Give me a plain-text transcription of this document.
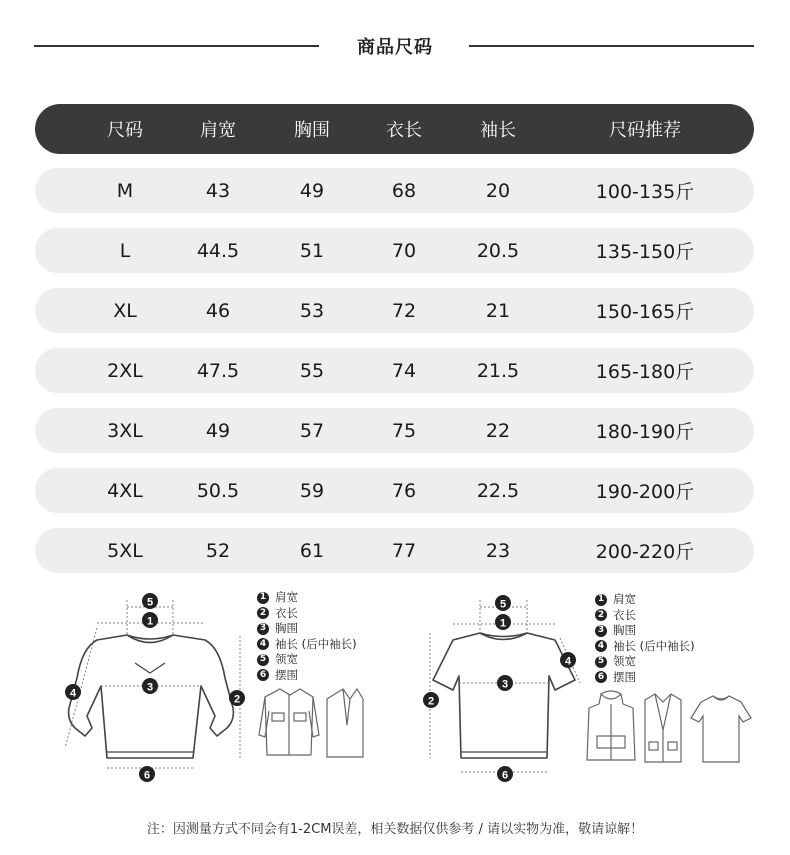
商品尺码
尺码	肩宽	胸围	衣长	袖长	尺码推荐
M	43	49	68	20	100-135斤
L	44.5	51	70	20.5	135-150斤
XL	46	53	72	21	150-165斤
2XL	47.5	55	74	21.5	165-180斤
3XL	49	57	75	22	180-190斤
4XL	50.5	59	76	22.5	190-200斤
5XL	52	61	77	23	200-220斤
5
1
3
4	2
6
1 肩宽
2 衣长
3 胸围
4 袖长 (后中袖长)
5 领宽
6 摆围
5
1
4
3
2
6
1 肩宽
2 衣长
3 胸围
4 袖长 (后中袖长)
5 领宽
6 摆围
注：因测量方式不同会有1-2CM误差，相关数据仅供参考 / 请以实物为准，敬请谅解！
